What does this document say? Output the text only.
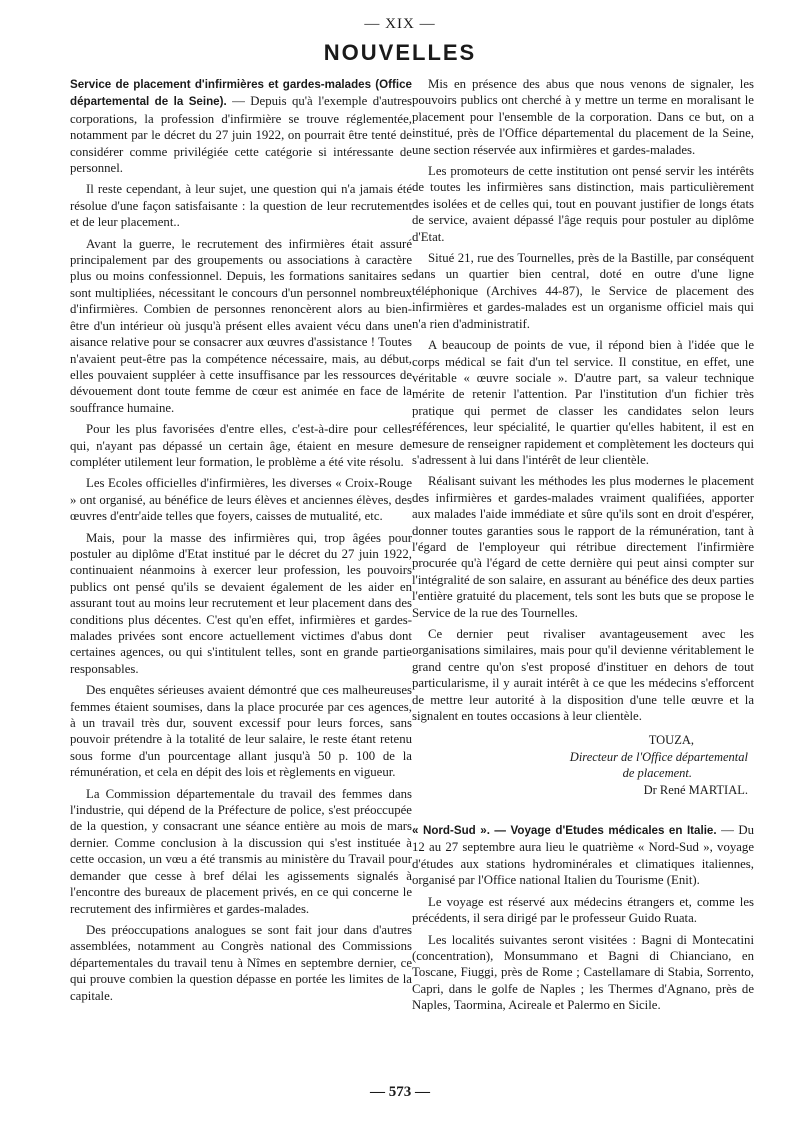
— XIX —
NOUVELLES

Service de placement d'infirmières et gardes-malades (Office départemental de la Seine). — Depuis qu'à l'exemple d'autres corporations, la profession d'infirmière se trouve réglementée, notamment par le décret du 27 juin 1922, on pourrait être tenté de considérer comme privilégiée cette catégorie si intéressante de personnel.

Il reste cependant, à leur sujet, une question qui n'a jamais été résolue d'une façon satisfaisante : la question de leur recrutement et de leur placement..

Avant la guerre, le recrutement des infirmières était assuré principalement par des groupements ou associations à caractère plus ou moins confessionnel. Depuis, les formations sanitaires se sont multipliées, nécessitant le concours d'un personnel nombreux d'infirmières. Combien de personnes renoncèrent alors au bien-être d'un intérieur où jusqu'à présent elles avaient vécu dans une aisance relative pour se consacrer aux œuvres d'assistance ! Toutes n'avaient peut-être pas la compétence nécessaire, mais, au début, elles pouvaient suppléer à cette insuffisance par les ressources de dévouement dont toute femme de cœur est animée en face de la souffrance humaine.

Pour les plus favorisées d'entre elles, c'est-à-dire pour celles qui, n'ayant pas dépassé un certain âge, étaient en mesure de compléter utilement leur formation, le problème a été vite résolu.

Les Ecoles officielles d'infirmières, les diverses « Croix-Rouge » ont organisé, au bénéfice de leurs élèves et anciennes élèves, des œuvres d'entr'aide telles que foyers, caisses de mutualité, etc.

Mais, pour la masse des infirmières qui, trop âgées pour postuler au diplôme d'Etat institué par le décret du 27 juin 1922, continuaient néanmoins à exercer leur profession, les pouvoirs publics ont pensé qu'ils se devaient également de les aider en assurant tout au moins leur recrutement et leur placement dans des conditions plus décentes. C'est qu'en effet, infirmières et gardes-malades privées sont encore actuellement victimes d'abus dont certaines agences, ou qui s'intitulent telles, sont en grande partie responsables.

Des enquêtes sérieuses avaient démontré que ces malheureuses femmes étaient soumises, dans la place procurée par ces agences, à un travail très dur, souvent excessif pour leurs forces, sans pouvoir prétendre à la totalité de leur salaire, le reste étant retenu sous forme d'un pourcentage allant jusqu'à 50 p. 100 de la rémunération, et cela en dépit des lois et règlements en vigueur.

La Commission départementale du travail des femmes dans l'industrie, qui dépend de la Préfecture de police, s'est préoccupée de la question, y consacrant une séance entière au mois de mars dernier. Comme conclusion à la discussion qui s'est instituée à cette occasion, un vœu a été transmis au ministère du Travail pour demander que cesse à bref délai les agissements signalés à l'encontre des bureaux de placement privés, en ce qui concerne le recrutement des infirmières et gardes-malades.

Des préoccupations analogues se sont fait jour dans d'autres assemblées, notamment au Congrès national des Commissions départementales du travail tenu à Nîmes en septembre dernier, ce qui prouve combien la question dépasse en portée les limites de la capitale.

Mis en présence des abus que nous venons de signaler, les pouvoirs publics ont cherché à y mettre un terme en moralisant le placement pour l'ensemble de la corporation. Dans ce but, on a institué, près de l'Office départemental du placement de la Seine, une section réservée aux infirmières et gardes-malades.

Les promoteurs de cette institution ont pensé servir les intérêts de toutes les infirmières sans distinction, mais particulièrement des isolées et de celles qui, tout en pouvant justifier de longs états de service, avaient dépassé l'âge requis pour postuler au diplôme d'Etat.

Situé 21, rue des Tournelles, près de la Bastille, par conséquent dans un quartier bien central, doté en outre d'une ligne téléphonique (Archives 44-87), le Service de placement des infirmières et gardes-malades est un organisme officiel mais qui n'a rien d'administratif.

A beaucoup de points de vue, il répond bien à l'idée que le corps médical se fait d'un tel service. Il constitue, en effet, une véritable « œuvre sociale ». D'autre part, sa valeur technique mérite de retenir l'attention. Par l'institution d'un fichier très pratique qui permet de classer les candidates selon leurs références, leur spécialité, le quartier qu'elles habitent, il est en mesure de renseigner rapidement et complètement les docteurs qui s'adressent à lui dans l'intérêt de leur clientèle.

Réalisant suivant les méthodes les plus modernes le placement des infirmières et gardes-malades vraiment qualifiées, apporter aux malades l'aide immédiate et sûre qu'ils sont en droit d'espérer, donner toutes garanties sous le rapport de la rémunération, tant à l'égard de l'employeur qui rétribue directement l'infirmière procurée qu'à l'égard de cette dernière qui peut ainsi compter sur l'intégralité de son salaire, en assurant au bénéfice des deux parties l'entière gratuité du placement, tels sont les buts que se propose le Service de la rue des Tournelles.

Ce dernier peut rivaliser avantageusement avec les organisations similaires, mais pour qu'il devienne véritablement le grand centre qu'on s'est proposé d'instituer en dehors de tout particularisme, il y aurait intérêt à ce que les médecins s'efforcent de mettre leur autorité à la disposition d'une telle œuvre et la signalent en toutes occasions à leur clientèle.

TOUZA,
Directeur de l'Office départemental
de placement.
Dr René MARTIAL.

« Nord-Sud ». — Voyage d'Etudes médicales en Italie. — Du 12 au 27 septembre aura lieu le quatrième « Nord-Sud », voyage d'études aux stations hydrominérales et climatiques italiennes, organisé par l'Office national Italien du Tourisme (Enit).

Le voyage est réservé aux médecins étrangers et, comme les précédents, il sera dirigé par le professeur Guido Ruata.

Les localités suivantes seront visitées : Bagni di Montecatini (concentration), Monsummano et Bagni di Chianciano, en Toscane, Fiuggi, près de Rome ; Castellamare di Stabia, Sorrento, Capri, dans le golfe de Naples ; les Thermes d'Agnano, près de Naples, Taormina, Acireale et Palermo en Sicile.

— 573 —
